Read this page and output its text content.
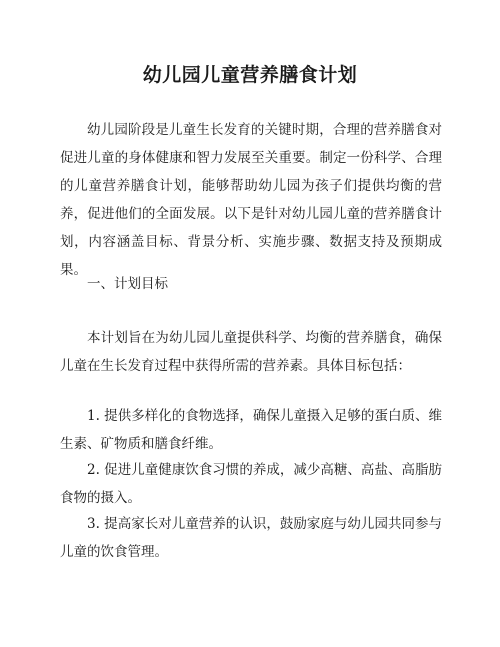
幼儿园儿童营养膳食计划

幼儿园阶段是儿童生长发育的关键时期，合理的营养膳食对促进儿童的身体健康和智力发展至关重要。制定一份科学、合理的儿童营养膳食计划，能够帮助幼儿园为孩子们提供均衡的营养，促进他们的全面发展。以下是针对幼儿园儿童的营养膳食计划，内容涵盖目标、背景分析、实施步骤、数据支持及预期成果。

一、计划目标

本计划旨在为幼儿园儿童提供科学、均衡的营养膳食，确保儿童在生长发育过程中获得所需的营养素。具体目标包括：

1. 提供多样化的食物选择，确保儿童摄入足够的蛋白质、维生素、矿物质和膳食纤维。

2. 促进儿童健康饮食习惯的养成，减少高糖、高盐、高脂肪食物的摄入。

3. 提高家长对儿童营养的认识，鼓励家庭与幼儿园共同参与儿童的饮食管理。
